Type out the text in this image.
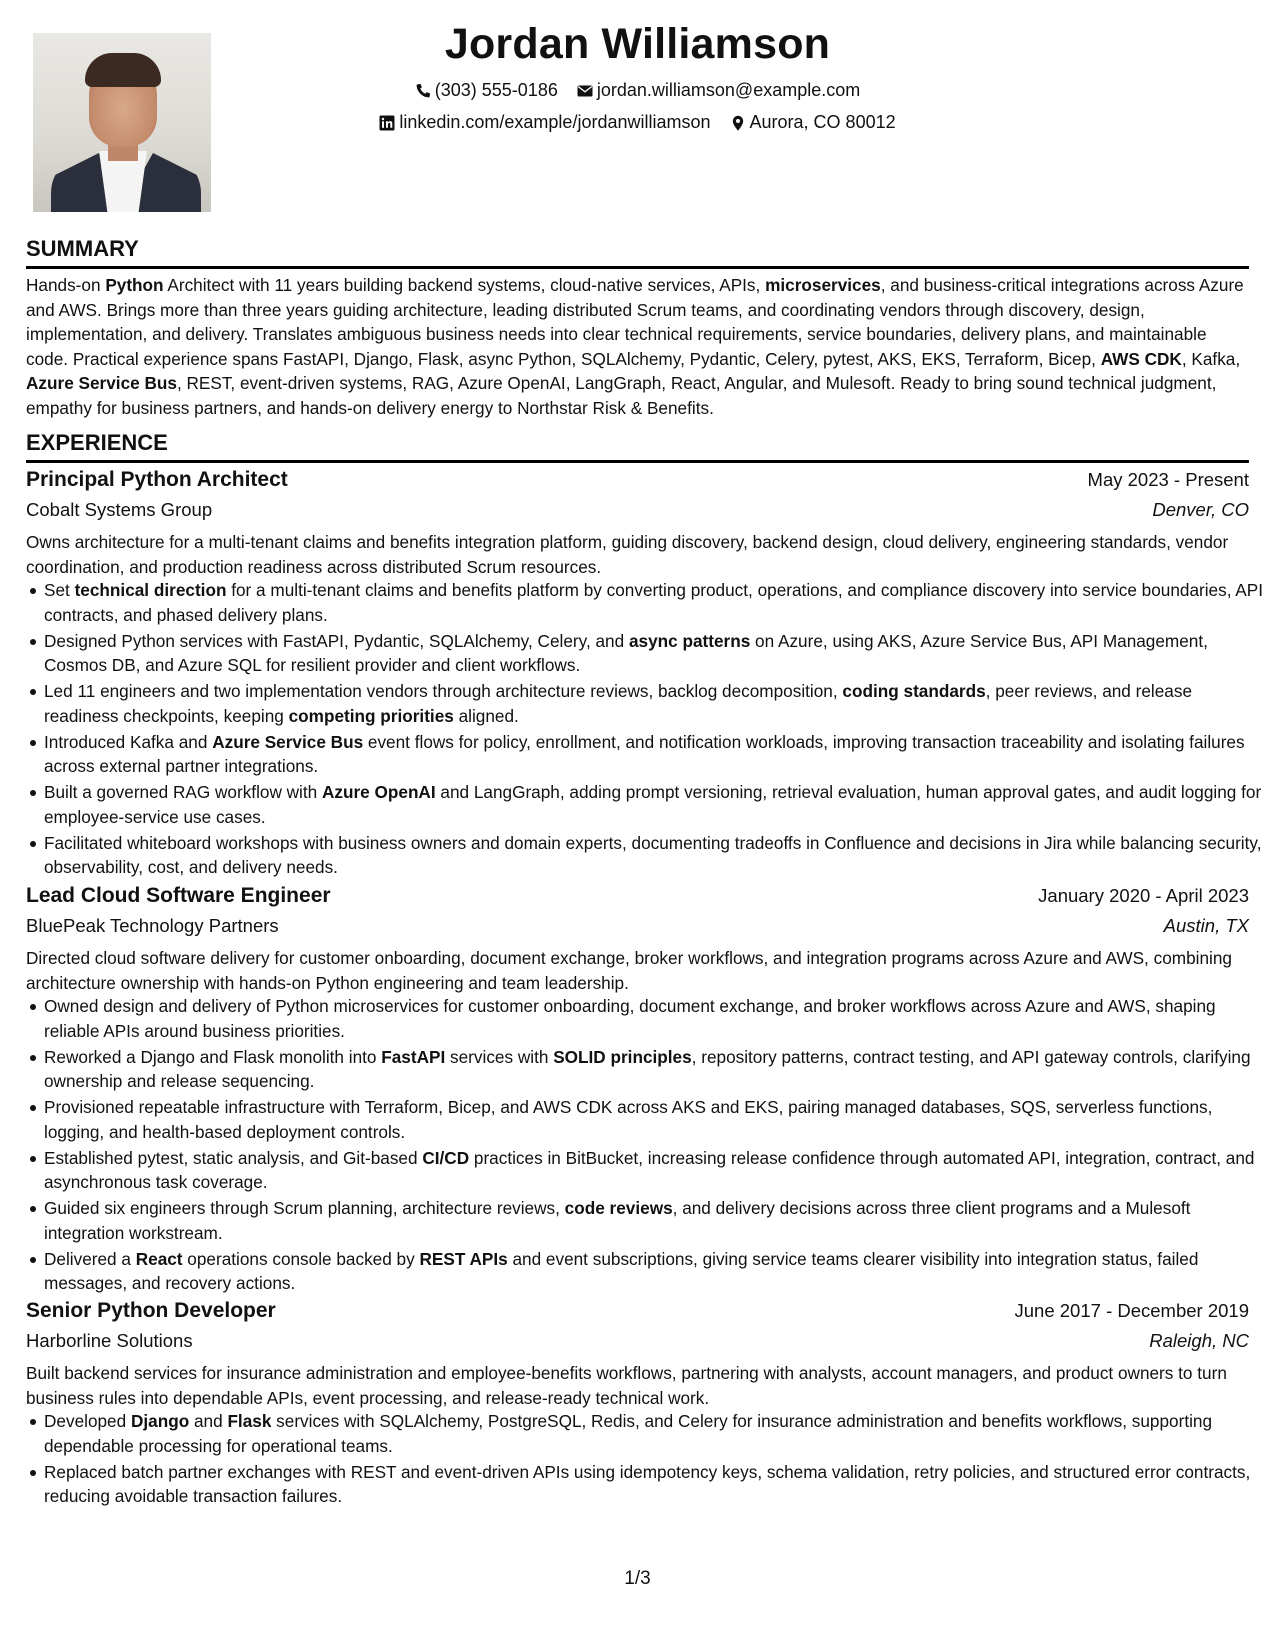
Jordan Williamson
(303) 555-0186
jordan.williamson@example.com
linkedin.com/example/jordanwilliamson
Aurora, CO 80012
SUMMARY

Hands-on Python Architect with 11 years building backend systems, cloud-native services, APIs, microservices, and business-critical integrations across Azure and AWS. Brings more than three years guiding architecture, leading distributed Scrum teams, and coordinating vendors through discovery, design, implementation, and delivery. Translates ambiguous business needs into clear technical requirements, service boundaries, delivery plans, and maintainable code. Practical experience spans FastAPI, Django, Flask, async Python, SQLAlchemy, Pydantic, Celery, pytest, AKS, EKS, Terraform, Bicep, AWS CDK, Kafka, Azure Service Bus, REST, event-driven systems, RAG, Azure OpenAI, LangGraph, React, Angular, and Mulesoft. Ready to bring sound technical judgment, empathy for business partners, and hands-on delivery energy to Northstar Risk & Benefits.

EXPERIENCE
Principal Python Architect	May 2023 - Present
Cobalt Systems Group	Denver, CO

Owns architecture for a multi-tenant claims and benefits integration platform, guiding discovery, backend design, cloud delivery, engineering standards, vendor coordination, and production readiness across distributed Scrum resources.

Set technical direction for a multi-tenant claims and benefits platform by converting product, operations, and compliance discovery into service boundaries, API contracts, and phased delivery plans.
Designed Python services with FastAPI, Pydantic, SQLAlchemy, Celery, and async patterns on Azure, using AKS, Azure Service Bus, API Management, Cosmos DB, and Azure SQL for resilient provider and client workflows.
Led 11 engineers and two implementation vendors through architecture reviews, backlog decomposition, coding standards, peer reviews, and release readiness checkpoints, keeping competing priorities aligned.
Introduced Kafka and Azure Service Bus event flows for policy, enrollment, and notification workloads, improving transaction traceability and isolating failures across external partner integrations.
Built a governed RAG workflow with Azure OpenAI and LangGraph, adding prompt versioning, retrieval evaluation, human approval gates, and audit logging for employee-service use cases.
Facilitated whiteboard workshops with business owners and domain experts, documenting tradeoffs in Confluence and decisions in Jira while balancing security, observability, cost, and delivery needs.
Lead Cloud Software Engineer	January 2020 - April 2023
BluePeak Technology Partners	Austin, TX

Directed cloud software delivery for customer onboarding, document exchange, broker workflows, and integration programs across Azure and AWS, combining architecture ownership with hands-on Python engineering and team leadership.

Owned design and delivery of Python microservices for customer onboarding, document exchange, and broker workflows across Azure and AWS, shaping reliable APIs around business priorities.
Reworked a Django and Flask monolith into FastAPI services with SOLID principles, repository patterns, contract testing, and API gateway controls, clarifying ownership and release sequencing.
Provisioned repeatable infrastructure with Terraform, Bicep, and AWS CDK across AKS and EKS, pairing managed databases, SQS, serverless functions, logging, and health-based deployment controls.
Established pytest, static analysis, and Git-based CI/CD practices in BitBucket, increasing release confidence through automated API, integration, contract, and asynchronous task coverage.
Guided six engineers through Scrum planning, architecture reviews, code reviews, and delivery decisions across three client programs and a Mulesoft integration workstream.
Delivered a React operations console backed by REST APIs and event subscriptions, giving service teams clearer visibility into integration status, failed messages, and recovery actions.
Senior Python Developer	June 2017 - December 2019
Harborline Solutions	Raleigh, NC

Built backend services for insurance administration and employee-benefits workflows, partnering with analysts, account managers, and product owners to turn business rules into dependable APIs, event processing, and release-ready technical work.

Developed Django and Flask services with SQLAlchemy, PostgreSQL, Redis, and Celery for insurance administration and benefits workflows, supporting dependable processing for operational teams.
Replaced batch partner exchanges with REST and event-driven APIs using idempotency keys, schema validation, retry policies, and structured error contracts, reducing avoidable transaction failures.
1/3
